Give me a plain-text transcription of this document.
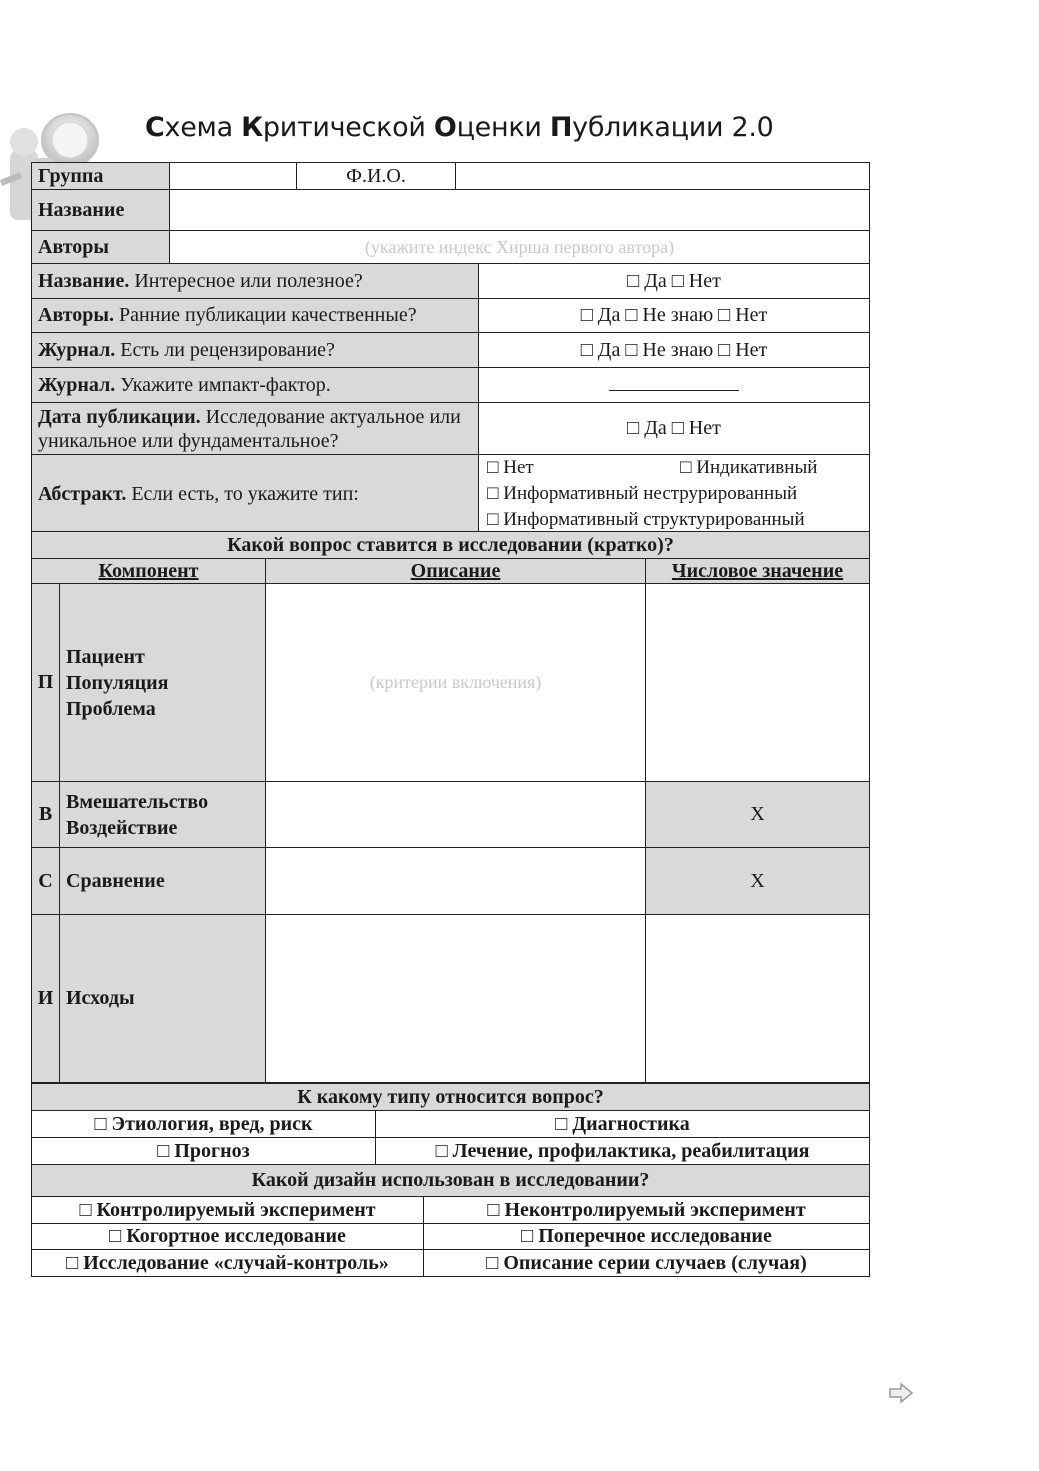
Схема Критической Оценки Публикации 2.0
Группа		Ф.И.О.		
Название				
Авторы	(укажите индекс Хирша первого автора)			
Название. Интересное или полезное?				□ Да □ Нет
Авторы. Ранние публикации качественные?				□ Да □ Не знаю □ Нет
Журнал. Есть ли рецензирование?				□ Да □ Не знаю □ Нет
Журнал. Укажите импакт-фактор.				
Дата публикации. Исследование актуальное или уникальное или фундаментальное?				□ Да □ Нет
Абстракт. Если есть, то укажите тип:				□ Нет □ Индикативный
□ Информативный неструрированный
□ Информативный структурированный
Какой вопрос ставится в исследовании (кратко)?			
Компонент		Описание	Числовое значение
П	Пациент Популяция Проблема	(критерии включения)	
В	Вмешательство Воздействие		X
С	Сравнение		X
И	Исходы		
К какому типу относится вопрос?	
□ Этиология, вред, риск	□ Диагностика
□ Прогноз	□ Лечение, профилактика, реабилитация
Какой дизайн использован в исследовании?	
□ Контролируемый эксперимент	□ Неконтролируемый эксперимент
□ Когортное исследование	□ Поперечное исследование
□ Исследование «случай-контроль»	□ Описание серии случаев (случая)
